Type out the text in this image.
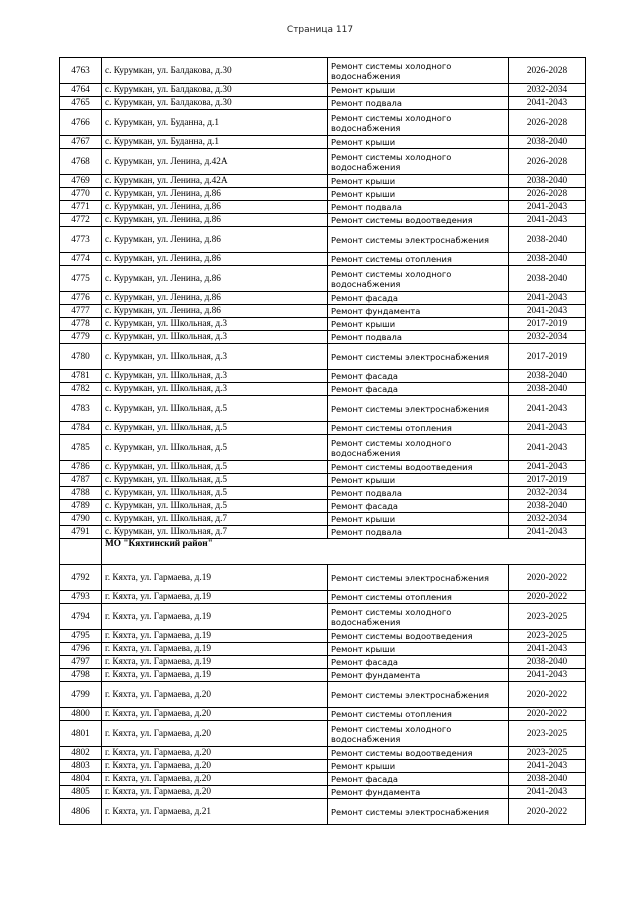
Страница 117
4763	с. Курумкан, ул. Балдакова, д.30	Ремонт системы холодного водоснабжения	2026-2028
4764	с. Курумкан, ул. Балдакова, д.30	Ремонт крыши	2032-2034
4765	с. Курумкан, ул. Балдакова, д.30	Ремонт подвала	2041-2043
4766	с. Курумкан, ул. Буданна, д.1	Ремонт системы холодного водоснабжения	2026-2028
4767	с. Курумкан, ул. Буданна, д.1	Ремонт крыши	2038-2040
4768	с. Курумкан, ул. Ленина, д.42А	Ремонт системы холодного водоснабжения	2026-2028
4769	с. Курумкан, ул. Ленина, д.42А	Ремонт крыши	2038-2040
4770	с. Курумкан, ул. Ленина, д.86	Ремонт крыши	2026-2028
4771	с. Курумкан, ул. Ленина, д.86	Ремонт подвала	2041-2043
4772	с. Курумкан, ул. Ленина, д.86	Ремонт системы водоотведения	2041-2043
4773	с. Курумкан, ул. Ленина, д.86	Ремонт системы электроснабжения	2038-2040
4774	с. Курумкан, ул. Ленина, д.86	Ремонт системы отопления	2038-2040
4775	с. Курумкан, ул. Ленина, д.86	Ремонт системы холодного водоснабжения	2038-2040
4776	с. Курумкан, ул. Ленина, д.86	Ремонт фасада	2041-2043
4777	с. Курумкан, ул. Ленина, д.86	Ремонт фундамента	2041-2043
4778	с. Курумкан, ул. Школьная, д.3	Ремонт крыши	2017-2019
4779	с. Курумкан, ул. Школьная, д.3	Ремонт подвала	2032-2034
4780	с. Курумкан, ул. Школьная, д.3	Ремонт системы электроснабжения	2017-2019
4781	с. Курумкан, ул. Школьная, д.3	Ремонт фасада	2038-2040
4782	с. Курумкан, ул. Школьная, д.3	Ремонт фасада	2038-2040
4783	с. Курумкан, ул. Школьная, д.5	Ремонт системы электроснабжения	2041-2043
4784	с. Курумкан, ул. Школьная, д.5	Ремонт системы отопления	2041-2043
4785	с. Курумкан, ул. Школьная, д.5	Ремонт системы холодного водоснабжения	2041-2043
4786	с. Курумкан, ул. Школьная, д.5	Ремонт системы водоотведения	2041-2043
4787	с. Курумкан, ул. Школьная, д.5	Ремонт крыши	2017-2019
4788	с. Курумкан, ул. Школьная, д.5	Ремонт подвала	2032-2034
4789	с. Курумкан, ул. Школьная, д.5	Ремонт фасада	2038-2040
4790	с. Курумкан, ул. Школьная, д.7	Ремонт крыши	2032-2034
4791	с. Курумкан, ул. Школьная, д.7	Ремонт подвала	2041-2043
	МО "Кяхтинский район"		
4792	г. Кяхта, ул. Гармаева, д.19	Ремонт системы электроснабжения	2020-2022
4793	г. Кяхта, ул. Гармаева, д.19	Ремонт системы отопления	2020-2022
4794	г. Кяхта, ул. Гармаева, д.19	Ремонт системы холодного водоснабжения	2023-2025
4795	г. Кяхта, ул. Гармаева, д.19	Ремонт системы водоотведения	2023-2025
4796	г. Кяхта, ул. Гармаева, д.19	Ремонт крыши	2041-2043
4797	г. Кяхта, ул. Гармаева, д.19	Ремонт фасада	2038-2040
4798	г. Кяхта, ул. Гармаева, д.19	Ремонт фундамента	2041-2043
4799	г. Кяхта, ул. Гармаева, д.20	Ремонт системы электроснабжения	2020-2022
4800	г. Кяхта, ул. Гармаева, д.20	Ремонт системы отопления	2020-2022
4801	г. Кяхта, ул. Гармаева, д.20	Ремонт системы холодного водоснабжения	2023-2025
4802	г. Кяхта, ул. Гармаева, д.20	Ремонт системы водоотведения	2023-2025
4803	г. Кяхта, ул. Гармаева, д.20	Ремонт крыши	2041-2043
4804	г. Кяхта, ул. Гармаева, д.20	Ремонт фасада	2038-2040
4805	г. Кяхта, ул. Гармаева, д.20	Ремонт фундамента	2041-2043
4806	г. Кяхта, ул. Гармаева, д.21	Ремонт системы электроснабжения	2020-2022
